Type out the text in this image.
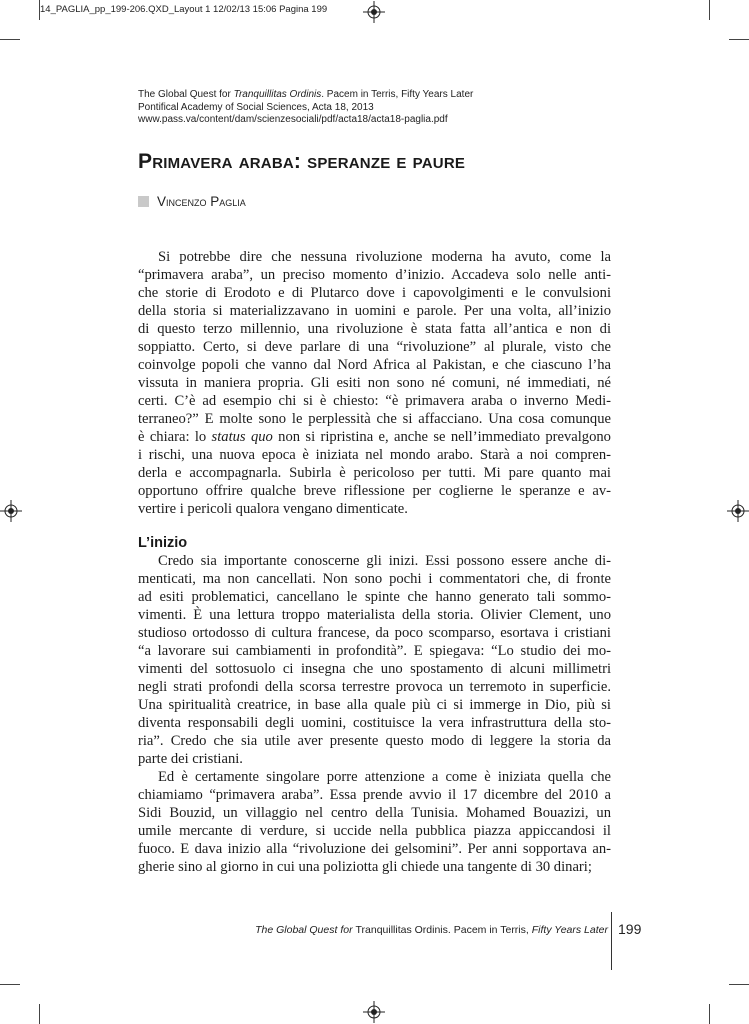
14_PAGLIA_pp_199-206.QXD_Layout 1 12/02/13 15:06 Pagina 199
The Global Quest for Tranquillitas Ordinis. Pacem in Terris, Fifty Years Later
Pontifical Academy of Social Sciences, Acta 18, 2013
www.pass.va/content/dam/scienzesociali/pdf/acta18/acta18-paglia.pdf
Primavera araba: speranze e paure
Vincenzo Paglia
Si potrebbe dire che nessuna rivoluzione moderna ha avuto, come la
“primavera araba”, un preciso momento d’inizio. Accadeva solo nelle anti-
che storie di Erodoto e di Plutarco dove i capovolgimenti e le convulsioni
della storia si materializzavano in uomini e parole. Per una volta, all’inizio
di questo terzo millennio, una rivoluzione è stata fatta all’antica e non di
soppiatto. Certo, si deve parlare di una “rivoluzione” al plurale, visto che
coinvolge popoli che vanno dal Nord Africa al Pakistan, e che ciascuno l’ha
vissuta in maniera propria. Gli esiti non sono né comuni, né immediati, né
certi. C’è ad esempio chi si è chiesto: “è primavera araba o inverno Medi-
terraneo?” E molte sono le perplessità che si affacciano. Una cosa comunque
è chiara: lo status quo non si ripristina e, anche se nell’immediato prevalgono
i rischi, una nuova epoca è iniziata nel mondo arabo. Starà a noi compren-
derla e accompagnarla. Subirla è pericoloso per tutti. Mi pare quanto mai
opportuno offrire qualche breve riflessione per coglierne le speranze e av-
vertire i pericoli qualora vengano dimenticate.
L’inizio
Credo sia importante conoscerne gli inizi. Essi possono essere anche di-
menticati, ma non cancellati. Non sono pochi i commentatori che, di fronte
ad esiti problematici, cancellano le spinte che hanno generato tali sommo-
vimenti. È una lettura troppo materialista della storia. Olivier Clement, uno
studioso ortodosso di cultura francese, da poco scomparso, esortava i cristiani
“a lavorare sui cambiamenti in profondità”. E spiegava: “Lo studio dei mo-
vimenti del sottosuolo ci insegna che uno spostamento di alcuni millimetri
negli strati profondi della scorsa terrestre provoca un terremoto in superficie.
Una spiritualità creatrice, in base alla quale più ci si immerge in Dio, più si
diventa responsabili degli uomini, costituisce la vera infrastruttura della sto-
ria”. Credo che sia utile aver presente questo modo di leggere la storia da
parte dei cristiani.
Ed è certamente singolare porre attenzione a come è iniziata quella che
chiamiamo “primavera araba”. Essa prende avvio il 17 dicembre del 2010 a
Sidi Bouzid, un villaggio nel centro della Tunisia. Mohamed Bouazizi, un
umile mercante di verdure, si uccide nella pubblica piazza appiccandosi il
fuoco. E dava inizio alla “rivoluzione dei gelsomini”. Per anni sopportava an-
gherie sino al giorno in cui una poliziotta gli chiede una tangente di 30 dinari;
The Global Quest for Tranquillitas Ordinis. Pacem in Terris, Fifty Years Later 199
